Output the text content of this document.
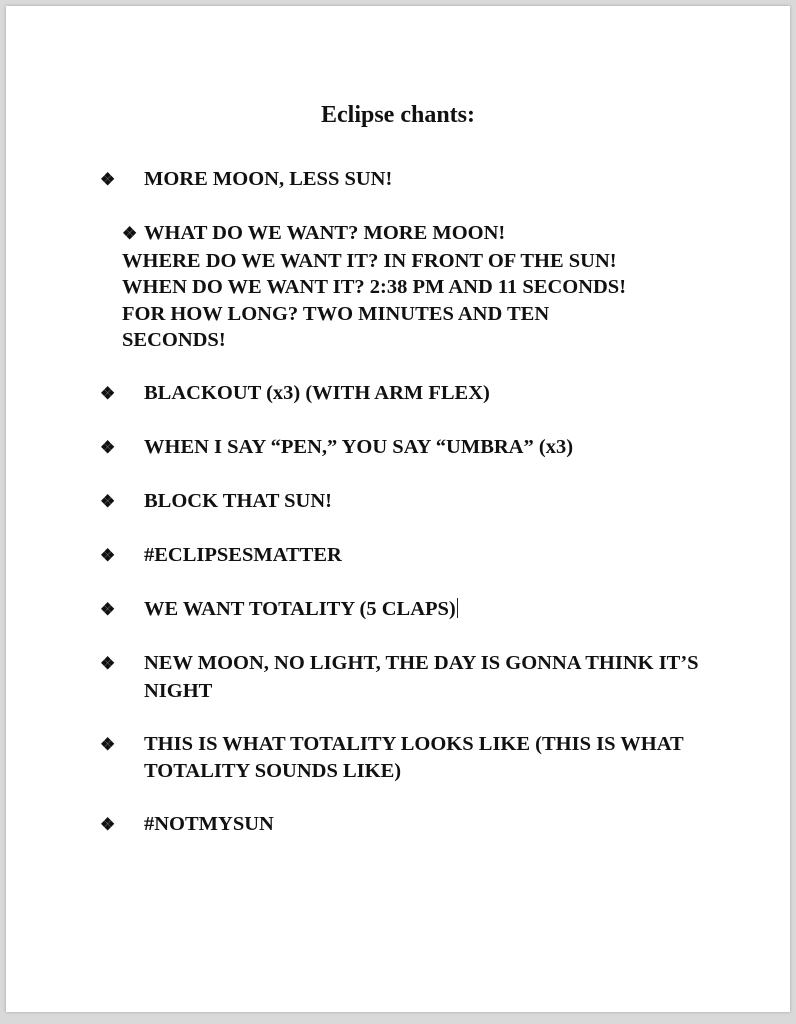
Eclipse chants:
❖ MORE MOON, LESS SUN!
❖ WHAT DO WE WANT? MORE MOON!
WHERE DO WE WANT IT? IN FRONT OF THE SUN!
WHEN DO WE WANT IT? 2:38 PM AND 11 SECONDS!
FOR HOW LONG? TWO MINUTES AND TEN
SECONDS!
❖ BLACKOUT (x3) (WITH ARM FLEX)
❖ WHEN I SAY “PEN,” YOU SAY “UMBRA” (x3)
❖ BLOCK THAT SUN!
❖ #ECLIPSESMATTER
❖ WE WANT TOTALITY (5 CLAPS)
❖ NEW MOON, NO LIGHT, THE DAY IS GONNA THINK IT’S NIGHT
❖ THIS IS WHAT TOTALITY LOOKS LIKE (THIS IS WHAT TOTALITY SOUNDS LIKE)
❖ #NOTMYSUN
